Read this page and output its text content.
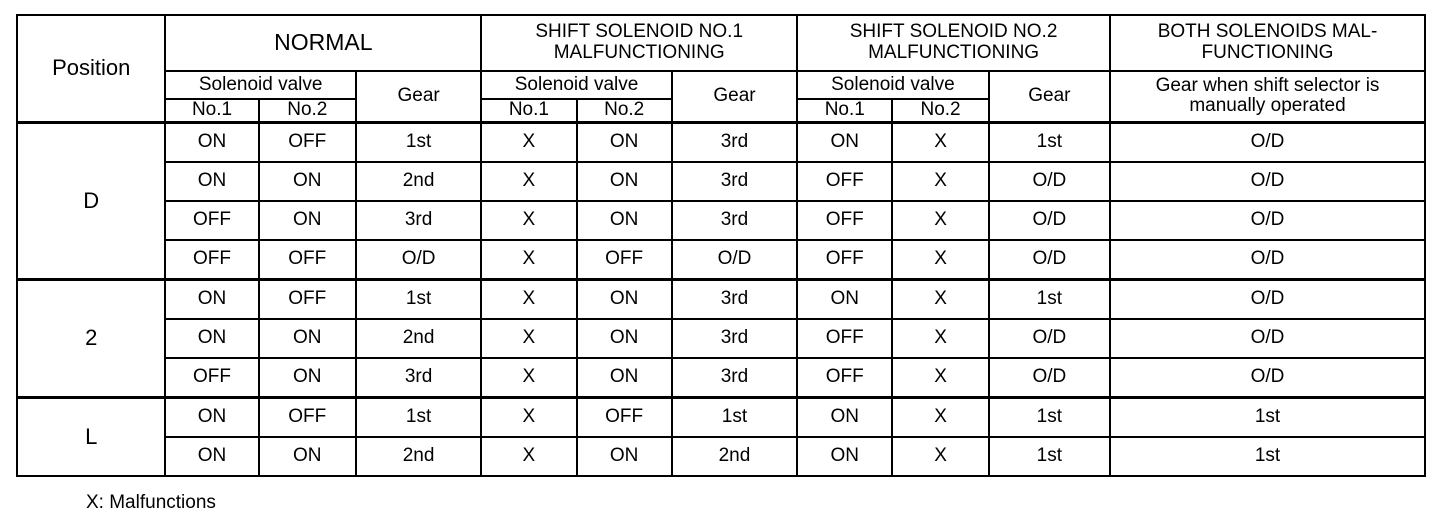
Position	NORMAL			SHIFT SOLENOID NO.1 MALFUNCTIONING			SHIFT SOLENOID NO.2 MALFUNCTIONING			BOTH SOLENOIDS MAL-FUNCTIONING
	Solenoid valve		Gear	Solenoid valve		Gear	Solenoid valve		Gear	Gear when shift selector is manually operated
	No.1	No.2		No.1	No.2		No.1	No.2		
D	ON	OFF	1st	X	ON	3rd	ON	X	1st	O/D
	ON	ON	2nd	X	ON	3rd	OFF	X	O/D	O/D
	OFF	ON	3rd	X	ON	3rd	OFF	X	O/D	O/D
	OFF	OFF	O/D	X	OFF	O/D	OFF	X	O/D	O/D
2	ON	OFF	1st	X	ON	3rd	ON	X	1st	O/D
	ON	ON	2nd	X	ON	3rd	OFF	X	O/D	O/D
	OFF	ON	3rd	X	ON	3rd	OFF	X	O/D	O/D
L	ON	OFF	1st	X	OFF	1st	ON	X	1st	1st
	ON	ON	2nd	X	ON	2nd	ON	X	1st	1st
X: Malfunctions
